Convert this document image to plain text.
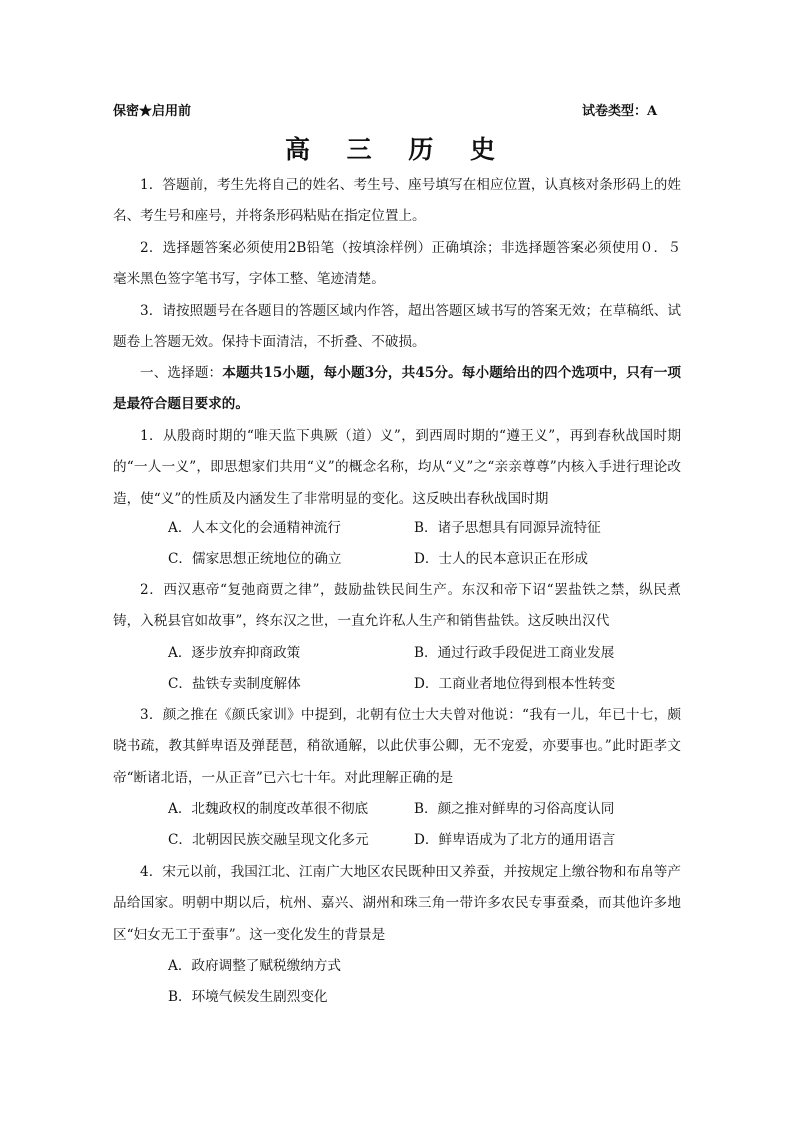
保密★启用前	试卷类型：A
高 三 历 史

1．答题前，考生先将自己的姓名、考生号、座号填写在相应位置，认真核对条形码上的姓名、考生号和座号，并将条形码粘贴在指定位置上。

2．选择题答案必须使用2B铅笔（按填涂样例）正确填涂；非选择题答案必须使用０．５毫米黑色签字笔书写，字体工整、笔迹清楚。

3．请按照题号在各题目的答题区域内作答，超出答题区域书写的答案无效；在草稿纸、试题卷上答题无效。保持卡面清洁，不折叠、不破损。

一、选择题：本题共15小题，每小题3分，共45分。每小题给出的四个选项中，只有一项是最符合题目要求的。

1．从殷商时期的“唯天监下典厥（道）义”，到西周时期的“遵王义”，再到春秋战国时期的“一人一义”，即思想家们共用“义”的概念名称，均从“义”之“亲亲尊尊”内核入手进行理论改造，使“义”的性质及内涵发生了非常明显的变化。这反映出春秋战国时期

A．人本文化的会通精神流行	B．诸子思想具有同源异流特征
C．儒家思想正统地位的确立	D．士人的民本意识正在形成

2．西汉惠帝“复弛商贾之律”，鼓励盐铁民间生产。东汉和帝下诏“罢盐铁之禁，纵民煮铸，入税县官如故事”，终东汉之世，一直允许私人生产和销售盐铁。这反映出汉代

A．逐步放弃抑商政策	B．通过行政手段促进工商业发展
C．盐铁专卖制度解体	D．工商业者地位得到根本性转变

3．颜之推在《颜氏家训》中提到，北朝有位士大夫曾对他说：“我有一儿，年已十七，颇晓书疏，教其鲜卑语及弹琵琶，稍欲通解，以此伏事公卿，无不宠爱，亦要事也。”此时距孝文帝“断诸北语，一从正音”已六七十年。对此理解正确的是

A．北魏政权的制度改革很不彻底	B．颜之推对鲜卑的习俗高度认同
C．北朝因民族交融呈现文化多元	D．鲜卑语成为了北方的通用语言

4．宋元以前，我国江北、江南广大地区农民既种田又养蚕，并按规定上缴谷物和布帛等产品给国家。明朝中期以后，杭州、嘉兴、湖州和珠三角一带许多农民专事蚕桑，而其他许多地区“妇女无工于蚕事”。这一变化发生的背景是

A．政府调整了赋税缴纳方式
B．环境气候发生剧烈变化
